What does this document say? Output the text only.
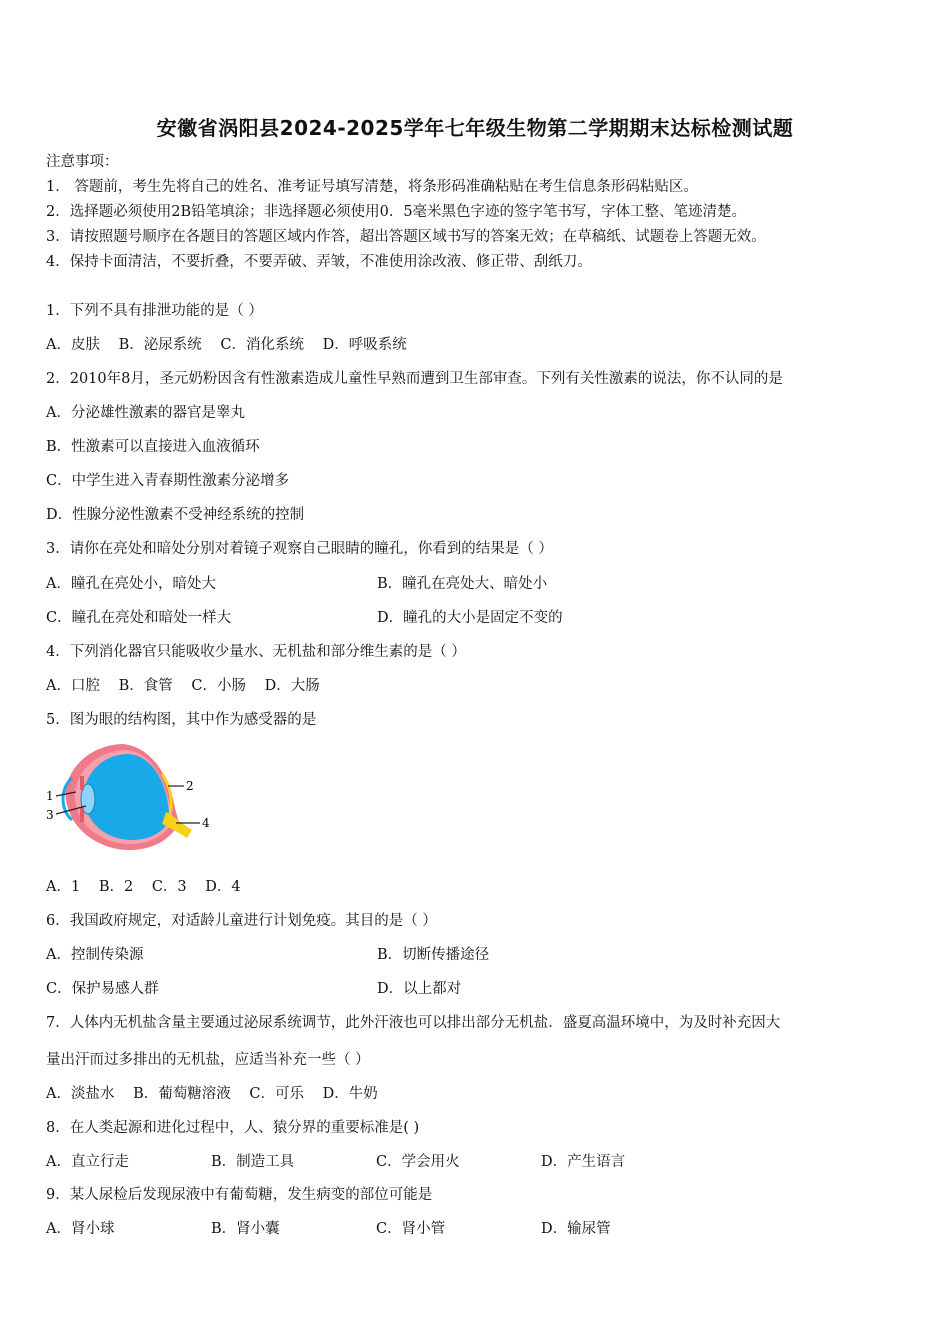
安徽省涡阳县2024-2025学年七年级生物第二学期期末达标检测试题
注意事项：
1． 答题前，考生先将自己的姓名、准考证号填写清楚，将条形码准确粘贴在考生信息条形码粘贴区。
2．选择题必须使用2B铅笔填涂；非选择题必须使用0．5毫米黑色字迹的签字笔书写，字体工整、笔迹清楚。
3．请按照题号顺序在各题目的答题区域内作答，超出答题区域书写的答案无效；在草稿纸、试题卷上答题无效。
4．保持卡面清洁，不要折叠，不要弄破、弄皱，不准使用涂改液、修正带、刮纸刀。
1．下列不具有排泄功能的是（ ）
A．皮肤 B．泌尿系统 C．消化系统 D．呼吸系统
2．2010年8月，圣元奶粉因含有性激素造成儿童性早熟而遭到卫生部审查。下列有关性激素的说法，你不认同的是
A．分泌雄性激素的器官是睾丸
B．性激素可以直接进入血液循环
C．中学生进入青春期性激素分泌增多
D．性腺分泌性激素不受神经系统的控制
3．请你在亮处和暗处分别对着镜子观察自己眼睛的瞳孔，你看到的结果是（ ）
A．瞳孔在亮处小，暗处大	B．瞳孔在亮处大、暗处小
C．瞳孔在亮处和暗处一样大	D．瞳孔的大小是固定不变的
4．下列消化器官只能吸收少量水、无机盐和部分维生素的是（ ）
A．口腔 B．食管 C．小肠 D．大肠
5．图为眼的结构图，其中作为感受器的是
1
3
2
4
A．1 B．2 C．3 D．4
6．我国政府规定，对适龄儿童进行计划免疫。其目的是（ ）
A．控制传染源	B．切断传播途径
C．保护易感人群	D．以上都对
7．人体内无机盐含量主要通过泌尿系统调节，此外汗液也可以排出部分无机盐．盛夏高温环境中，为及时补充因大
量出汗而过多排出的无机盐，应适当补充一些（ ）
A．淡盐水 B．葡萄糖溶液 C．可乐 D．牛奶
8．在人类起源和进化过程中，人、猿分界的重要标准是( )
A．直立行走	B．制造工具	C．学会用火	D．产生语言
9．某人尿检后发现尿液中有葡萄糖，发生病变的部位可能是
A．肾小球	B．肾小囊	C．肾小管	D．输尿管
